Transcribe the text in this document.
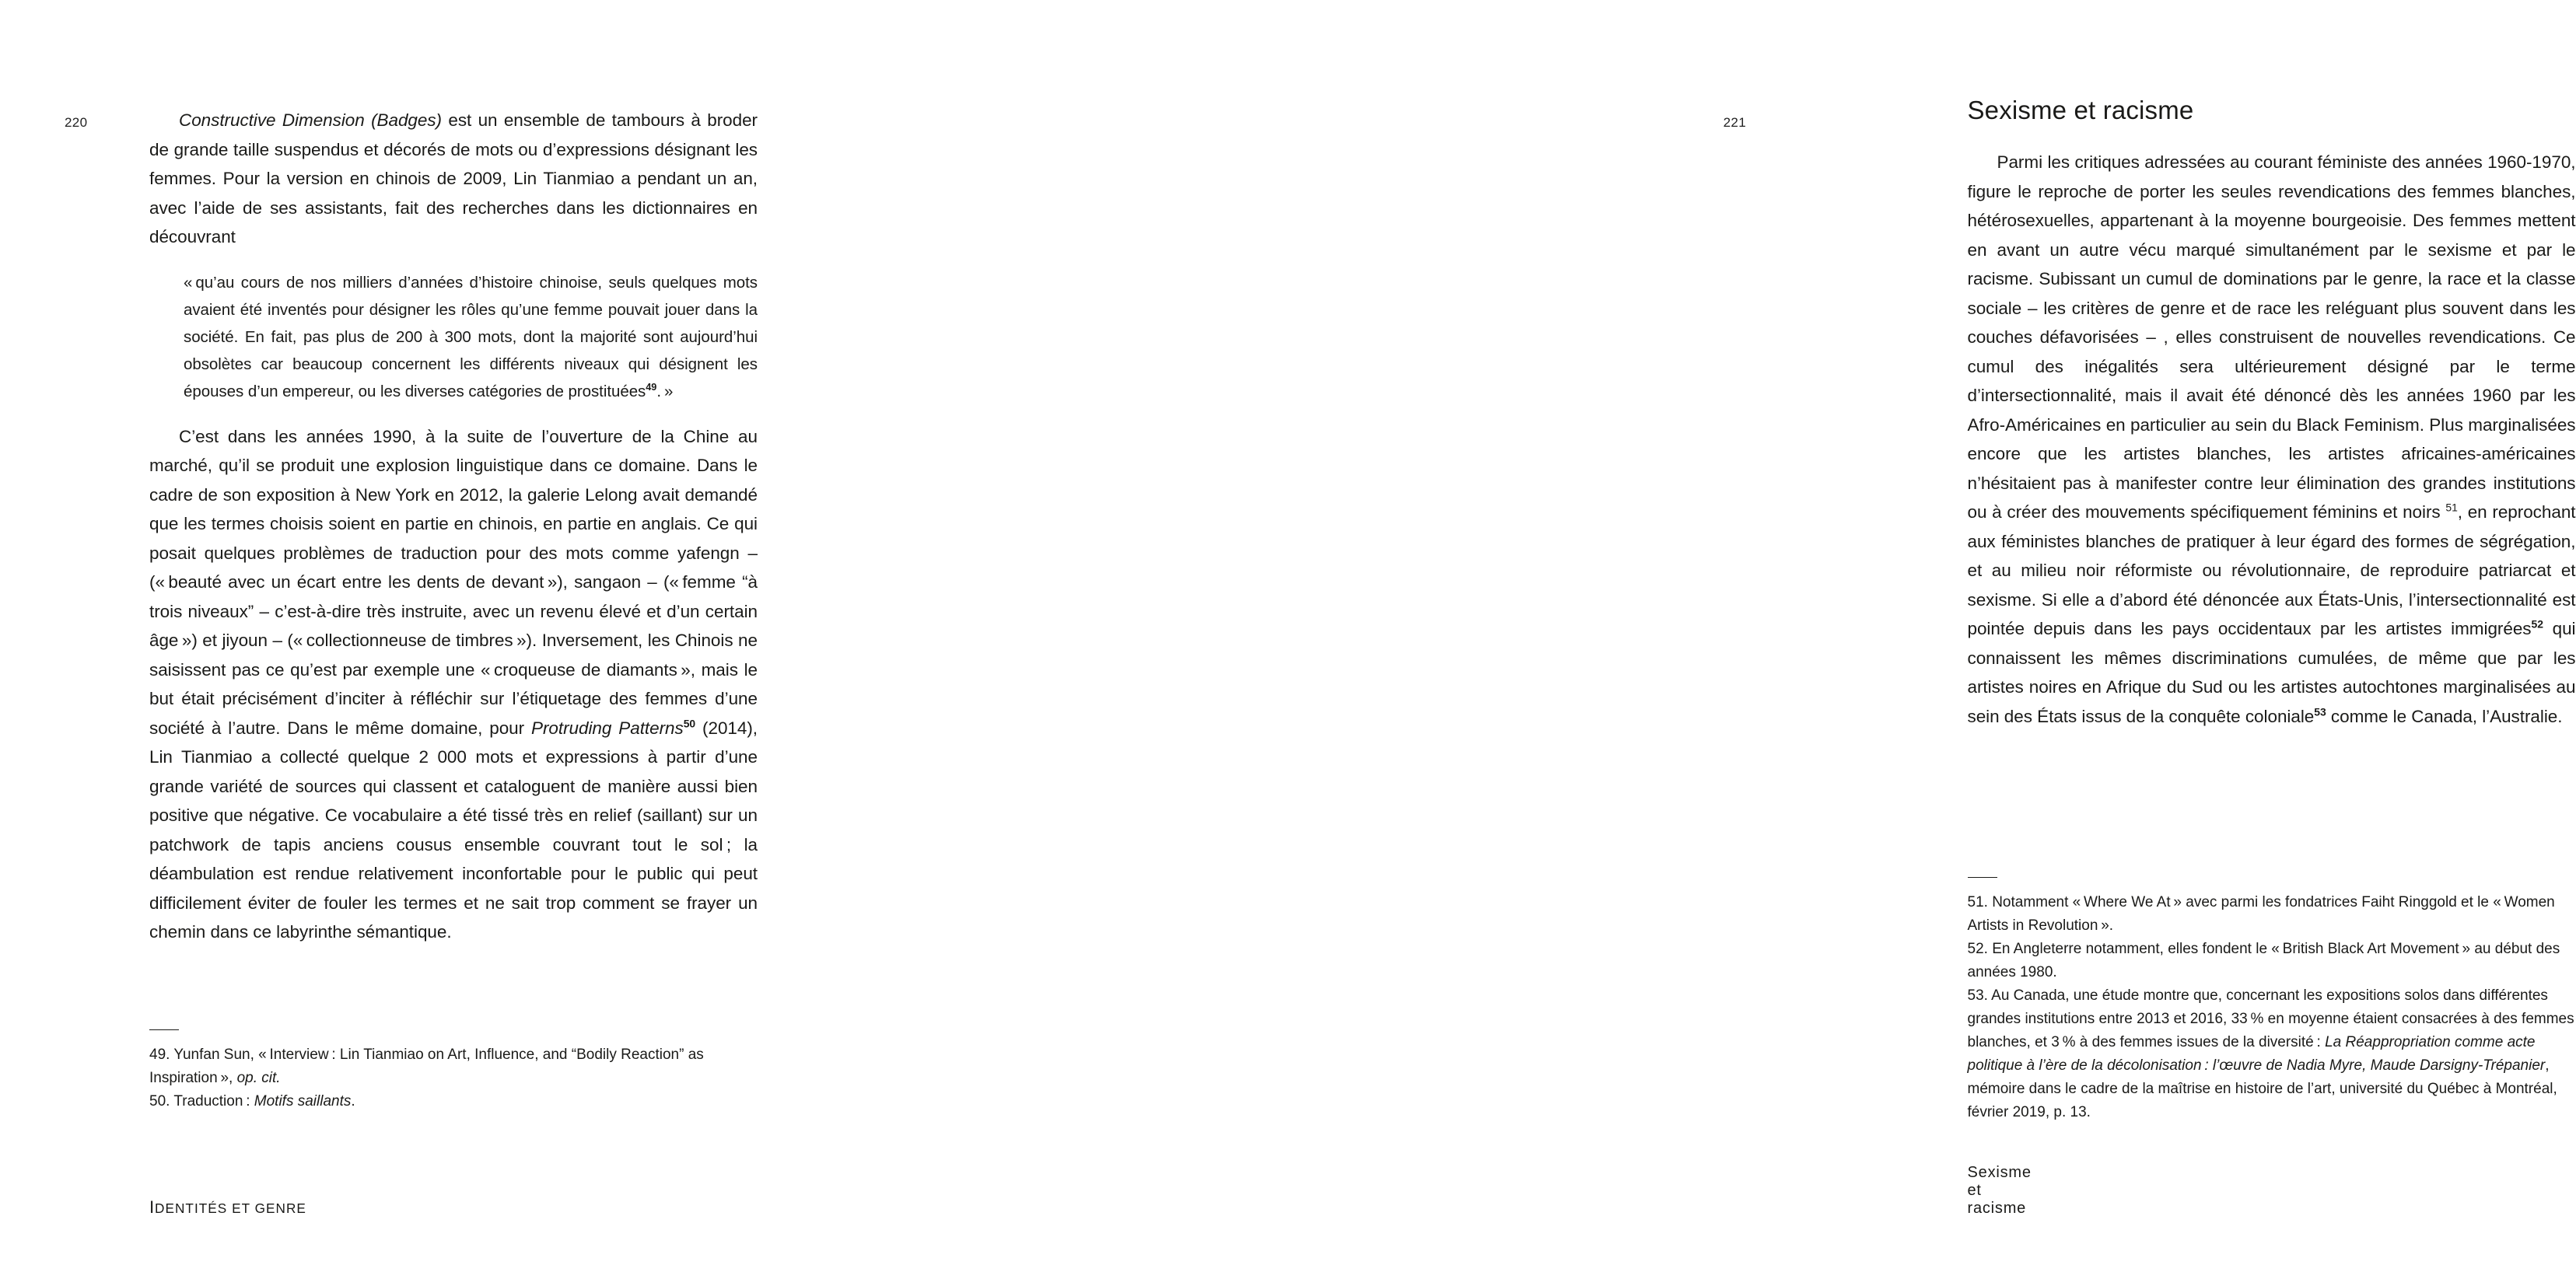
220	Constructive Dimension (Badges) est un ensemble de tambours à broder de grande taille suspendus et décorés de mots ou d’expressions désignant les femmes. Pour la version en chinois de 2009, Lin Tianmiao a pendant un an, avec l’aide de ses assistants, fait des recherches dans les dictionnaires en découvrant

« qu’au cours de nos milliers d’années d’histoire chinoise, seuls quelques mots avaient été inventés pour désigner les rôles qu’une femme pouvait jouer dans la société. En fait, pas plus de 200 à 300 mots, dont la majorité sont aujourd’hui obsolètes car beaucoup concernent les différents niveaux qui désignent les épouses d’un empereur, ou les diverses catégories de prostituées$^{49}$. »

C’est dans les années 1990, à la suite de l’ouverture de la Chine au marché, qu’il se produit une explosion linguistique dans ce domaine. Dans le cadre de son exposition à New York en 2012, la galerie Lelong avait demandé que les termes choisis soient en partie en chinois, en partie en anglais. Ce qui posait quelques problèmes de traduction pour des mots comme yafengn – (« beauté avec un écart entre les dents de devant »), sangaon – (« femme “à trois niveaux” – c’est-à-dire très instruite, avec un revenu élevé et d’un certain âge ») et jiyoun – (« collectionneuse de timbres »). Inversement, les Chinois ne saisissent pas ce qu’est par exemple une « croqueuse de diamants », mais le but était précisément d’inciter à réfléchir sur l’étiquetage des femmes d’une société à l’autre. Dans le même domaine, pour Protruding Patterns$^{50}$ (2014), Lin Tianmiao a collecté quelque 2 000 mots et expressions à partir d’une grande variété de sources qui classent et cataloguent de manière aussi bien positive que négative. Ce vocabulaire a été tissé très en relief (saillant) sur un patchwork de tapis anciens cousus ensemble couvrant tout le sol ; la déambulation est rendue relativement inconfortable pour le public qui peut difficilement éviter de fouler les termes et ne sait trop comment se frayer un chemin dans ce labyrinthe sémantique.

49. Yunfan Sun, « Interview : Lin Tianmiao on Art, Influence, and “Bodily Reaction” as Inspiration », op. cit.

50. Traduction : Motifs saillants.

IDENTITÉS ET GENRE
221	Sexisme et racisme

Parmi les critiques adressées au courant féministe des années 1960-1970, figure le reproche de porter les seules revendications des femmes blanches, hétérosexuelles, appartenant à la moyenne bourgeoisie. Des femmes mettent en avant un autre vécu marqué simultanément par le sexisme et par le racisme. Subissant un cumul de dominations par le genre, la race et la classe sociale – les critères de genre et de race les reléguant plus souvent dans les couches défavorisées – , elles construisent de nouvelles revendications. Ce cumul des inégalités sera ultérieurement désigné par le terme d’intersectionnalité, mais il avait été dénoncé dès les années 1960 par les Afro-Américaines en particulier au sein du Black Feminism. Plus marginalisées encore que les artistes blanches, les artistes africaines-américaines n’hésitaient pas à manifester contre leur élimination des grandes institutions ou à créer des mouvements spécifiquement féminins et noirs $^{51}$, en reprochant aux féministes blanches de pratiquer à leur égard des formes de ségrégation, et au milieu noir réformiste ou révolutionnaire, de reproduire patriarcat et sexisme. Si elle a d’abord été dénoncée aux États-Unis, l’intersectionnalité est pointée depuis dans les pays occidentaux par les artistes immigrées$^{52}$ qui connaissent les mêmes discriminations cumulées, de même que par les artistes noires en Afrique du Sud ou les artistes autochtones marginalisées au sein des États issus de la conquête coloniale$^{53}$ comme le Canada, l’Australie.

51. Notamment « Where We At » avec parmi les fondatrices Faiht Ringgold et le « Women Artists in Revolution ».

52. En Angleterre notamment, elles fondent le « British Black Art Movement » au début des années 1980.

53. Au Canada, une étude montre que, concernant les expositions solos dans différentes grandes institutions entre 2013 et 2016, 33 % en moyenne étaient consacrées à des femmes blanches, et 3 % à des femmes issues de la diversité : La Réappropriation comme acte politique à l’ère de la décolonisation : l’œuvre de Nadia Myre, Maude Darsigny-Trépanier, mémoire dans le cadre de la maîtrise en histoire de l’art, université du Québec à Montréal, février 2019, p. 13.

Sexisme et racisme
